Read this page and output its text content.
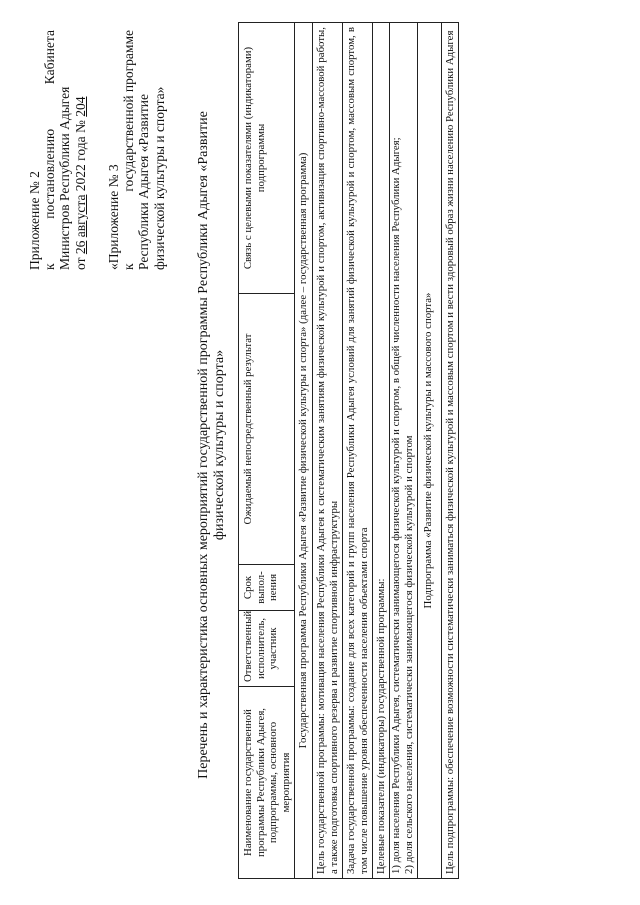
Приложение № 2 к
постановлению
Кабинета
Министров Республики Адыгея от 26 августа 2022 года № 204
«Приложение № 3 к
государственной программе Республики Адыгея «Развитие физической культуры и спорта» Перечень и характеристика основных мероприятий государственной программы Республики Адыгея «Развитие физической культуры и спорта»
Наименование государственной программы Республики Адыгея, подпрограммы, основного мероприятия	Ответственный исполнитель, участник	Срок выпол-нения	Ожидаемый непосредственный результат	Связь с целевыми показателями (индикаторами) подпрограммы
Государственная программа Республики Адыгея «Развитие физической культуры и спорта» (далее – государственная программа)
Цель государственной программы: мотивация населения Республики Адыгея к систематическим занятиям физической культурой и спортом, активизация спортивно-массовой работы, а также подготовка спортивного резерва и развитие спортивной инфраструктуры
Задача государственной программы: создание для всех категорий и групп населения Республики Адыгея условий для занятий физической культурой и спортом, массовым спортом, в том числе повышение уровня обеспеченности населения объектами спорта

Целевые показатели (индикаторы) государственной программы: 1) доля населения Республики Адыгея, систематически занимающегося физической культурой и спортом, в общей численности населения Республики Адыгея; 2) доля сельского населения, систематически занимающегося физической культурой и спортом

Подпрограмма «Развитие физической культуры и массового спорта»
Цель подпрограммы: обеспечение возможности систематически заниматься физической культурой и массовым спортом и вести здоровый образ жизни населению Республики Адыгея
